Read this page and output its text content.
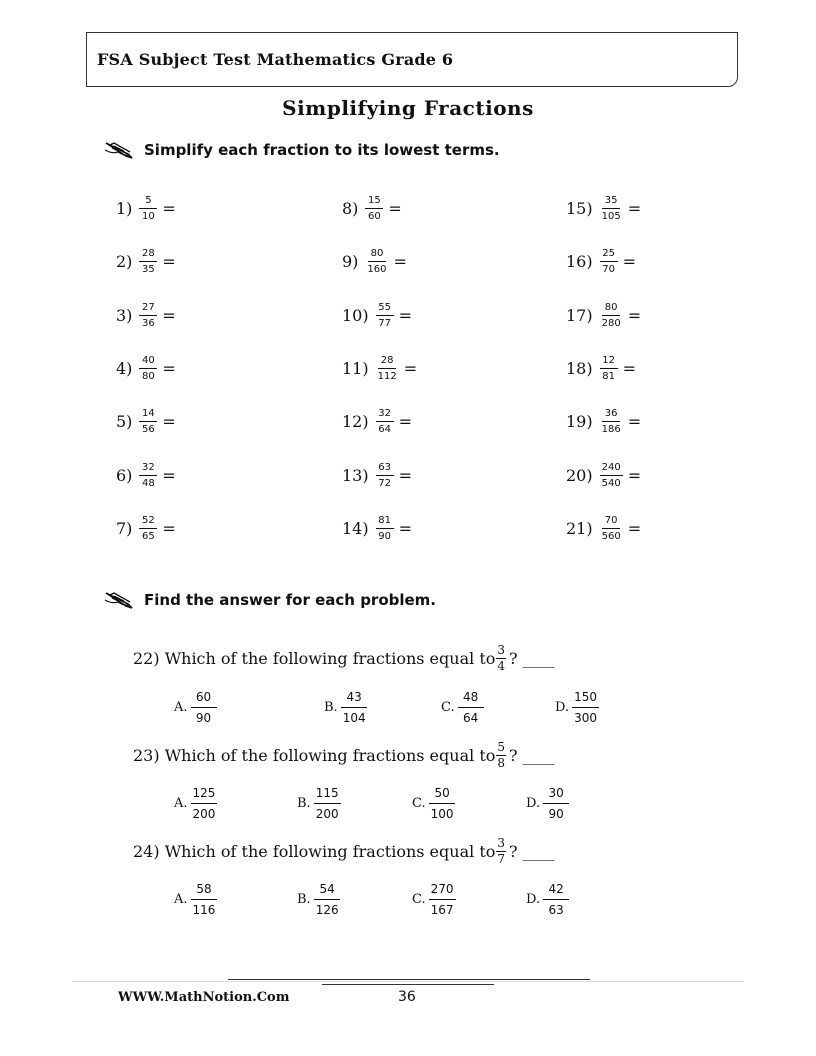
FSA Subject Test Mathematics Grade 6
Simplifying Fractions
Simplify each fraction to its lowest terms.
$1) \frac{5}{10}$ =
$2) \frac{28}{35}$ =
$3) \frac{27}{36}$ =
$4) \frac{40}{80}$ =
$5) \frac{14}{56}$ =
$6) \frac{32}{48}$ =
$7) \frac{52}{65}$ =
$8) \frac{15}{60}$ =
$9) \frac{80}{160}$ =
$10) \frac{55}{77}$ =
$11) \frac{28}{112}$ =
$12) \frac{32}{64}$ =
$13) \frac{63}{72}$ =
$14) \frac{81}{90}$ =
$15) \frac{35}{105}$ =
$16) \frac{25}{70}$ =
$17) \frac{80}{280}$ =
$18) \frac{12}{81}$ =
$19) \frac{36}{186}$ =
$20) \frac{240}{540}$ =
$21) \frac{70}{560}$ =
Find the answer for each problem.
22) Which of the following fractions equal to $\frac{3}{4}$ ? ____
A. $\frac{60}{90}$	B. $\frac{43}{104}$	C. $\frac{48}{64}$	D. $\frac{150}{300}$
23) Which of the following fractions equal to $\frac{5}{8}$ ? ____
A. $\frac{125}{200}$	B. $\frac{115}{200}$	C. $\frac{50}{100}$	D. $\frac{30}{90}$
24) Which of the following fractions equal to $\frac{3}{7}$ ? ____
A. $\frac{58}{116}$	B. $\frac{54}{126}$	C. $\frac{270}{167}$	D. $\frac{42}{63}$
WWW.MathNotion.Com	36
